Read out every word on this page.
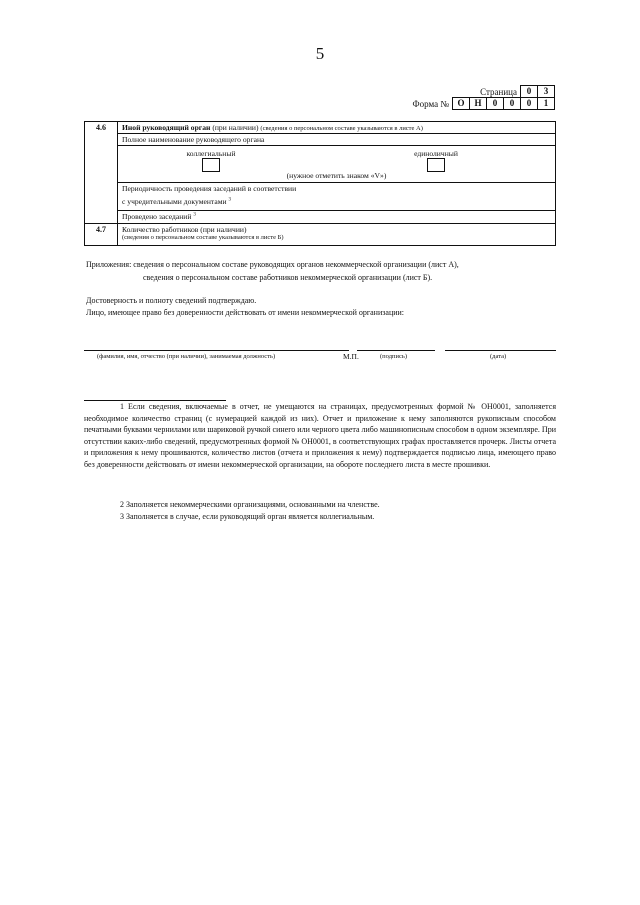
5
Страница	0	3
Форма № О	Н	0	0	0	1
4.6	Иной руководящий орган (при наличии) (сведения о персональном составе указываются в листе А)
	Полное наименование руководящего органа

	коллегиальный единоличный
(нужное отметить знаком «V»)

	Периодичность проведения заседаний в соответствии
с учредительными документами $^3$
	Проведено заседаний $^3$
4.7	Количество работников (при наличии)
(сведения о персональном составе указываются в листе Б)
Приложения: сведения о персональном составе руководящих органов некоммерческой организации (лист А),
сведения о персональном составе работников некоммерческой организации (лист Б).
Достоверность и полноту сведений подтверждаю.
Лицо, имеющее право без доверенности действовать от имени некоммерческой организации:
(фамилия, имя, отчество (при наличии), занимаемая должность)	М.П.	(подпись)	(дата)
1 Если сведения, включаемые в отчет, не умещаются на страницах, предусмотренных формой № ОН0001, заполняется необходимое количество страниц (с нумерацией каждой из них). Отчет и приложение к нему заполняются рукописным способом печатными буквами чернилами или шариковой ручкой синего или черного цвета либо машинописным способом в одном экземпляре. При отсутствии каких-либо сведений, предусмотренных формой № ОН0001, в соответствующих графах проставляется прочерк. Листы отчета и приложения к нему прошиваются, количество листов (отчета и приложения к нему) подтверждается подписью лица, имеющего право без доверенности действовать от имени некоммерческой организации, на обороте последнего листа в месте прошивки.
2 Заполняется некоммерческими организациями, основанными на членстве.
3 Заполняется в случае, если руководящий орган является коллегиальным.
